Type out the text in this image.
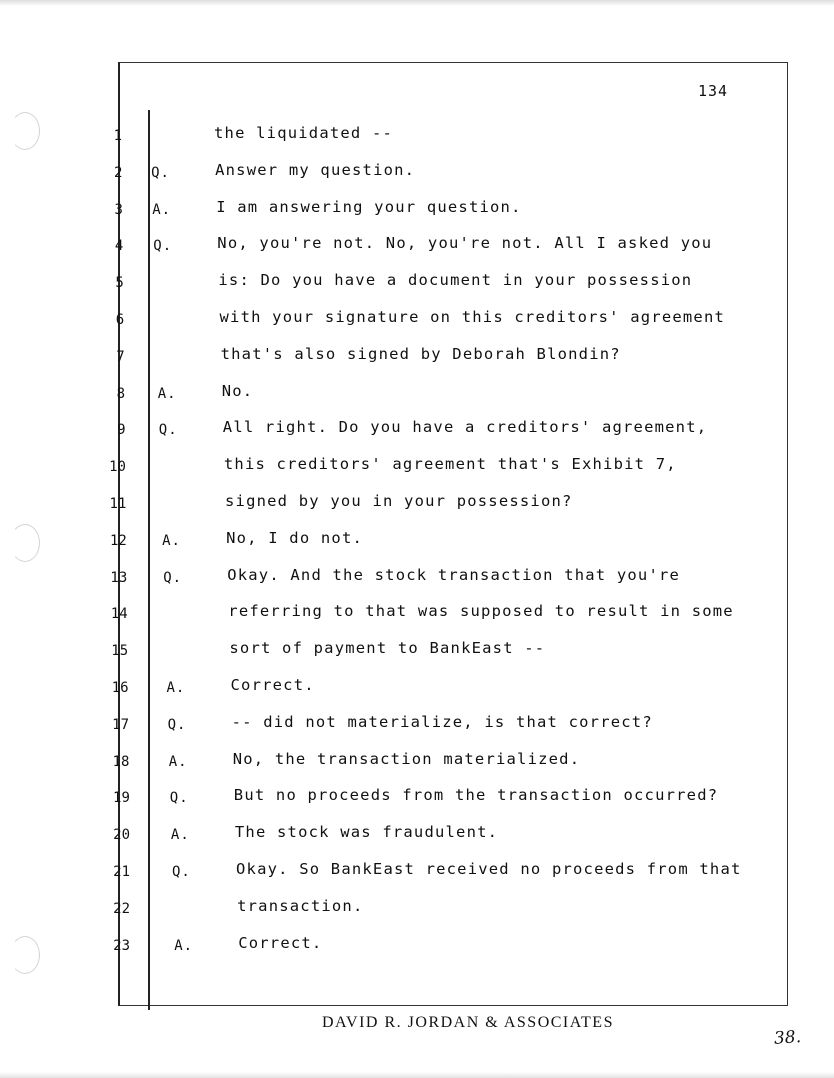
134
1	the liquidated --
2 Q.	Answer my question.
3 A.	I am answering your question.
4 Q.	No, you're not. No, you're not. All I asked you
5	is: Do you have a document in your possession
6	with your signature on this creditors' agreement
7	that's also signed by Deborah Blondin?
8 A.	No.
9 Q.	All right. Do you have a creditors' agreement,
10	this creditors' agreement that's Exhibit 7,
11	signed by you in your possession?
12	A.	No, I do not.
13	Q.	Okay. And the stock transaction that you're
14	referring to that was supposed to result in some
15	sort of payment to BankEast --
16	A.	Correct.
17	Q.	-- did not materialize, is that correct?
18	A.	No, the transaction materialized.
19	Q.	But no proceeds from the transaction occurred?
20	A.	The stock was fraudulent.
21	Q.	Okay. So BankEast received no proceeds from that
22	transaction.
23	A.	Correct.
DAVID R. JORDAN & ASSOCIATES
38.
